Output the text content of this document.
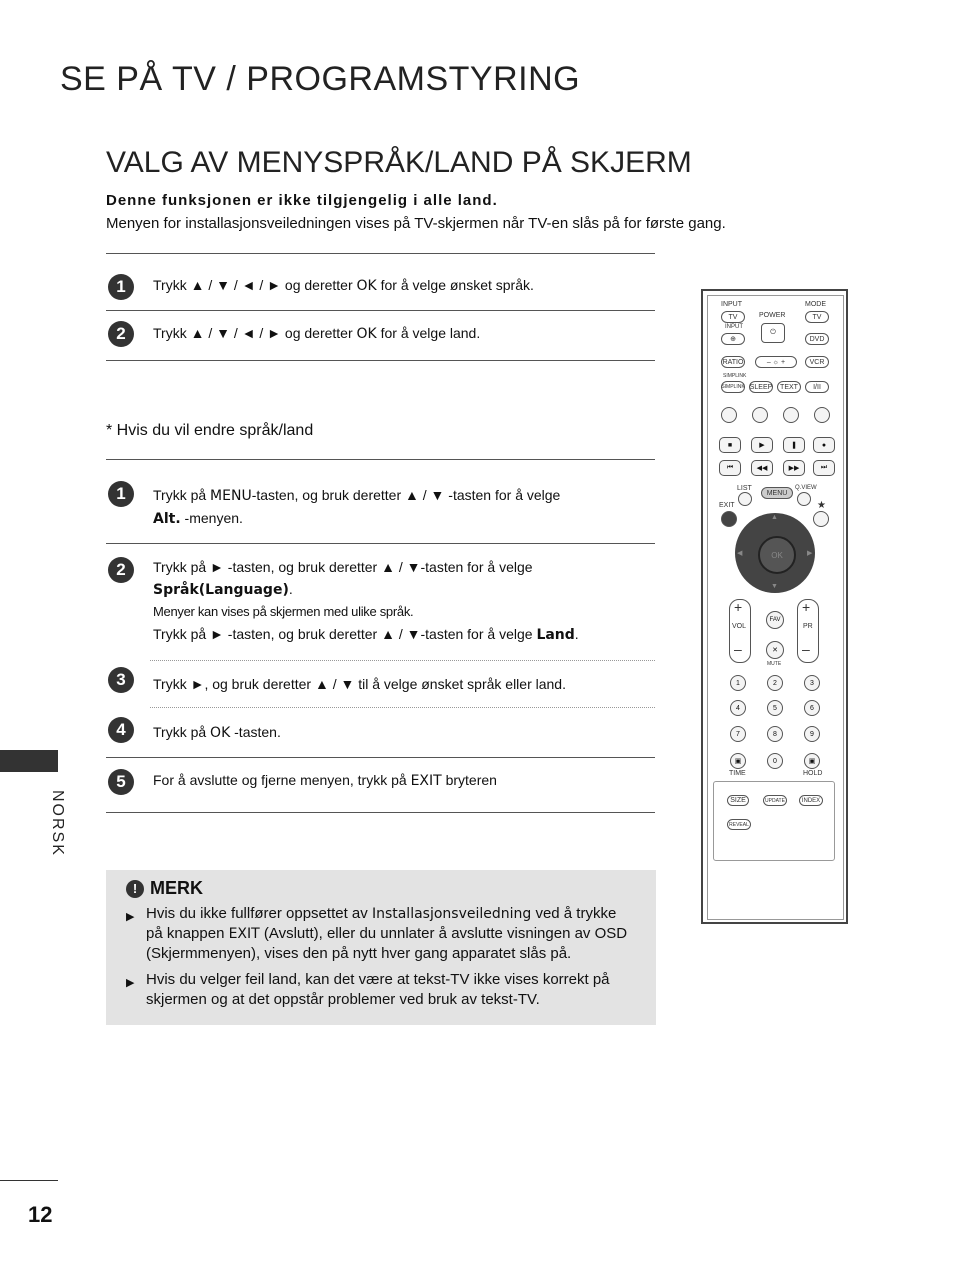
SE PÅ TV / PROGRAMSTYRING
VALG AV MENYSPRÅK/LAND PÅ SKJERM
Denne funksjonen er ikke tilgjengelig i alle land.
Menyen for installasjonsveiledningen vises på TV-skjermen når TV-en slås på for første gang.
1	Trykk ▲ / ▼ / ◄ / ► og deretter OK for å velge ønsket språk.
2	Trykk ▲ / ▼ / ◄ / ► og deretter OK for å velge land.
* Hvis du vil endre språk/land
1	Trykk på MENU-tasten, og bruk deretter ▲ / ▼ -tasten for å velge
Alt. -menyen.
2	Trykk på ► -tasten, og bruk deretter ▲ / ▼-tasten for å velge
Språk(Language).
Menyer kan vises på skjermen med ulike språk.
Trykk på ► -tasten, og bruk deretter ▲ / ▼-tasten for å velge Land.
3	Trykk ►, og bruk deretter ▲ / ▼ til å velge ønsket språk eller land.
4	Trykk på OK -tasten.
5	For å avslutte og fjerne menyen, trykk på EXIT bryteren
! MERK
▶ Hvis du ikke fullfører oppsettet av Installasjonsveiledning ved å trykke på knappen EXIT (Avslutt), eller du unnlater å avslutte visningen av OSD (Skjermmenyen), vises den på nytt hver gang apparatet slås på.
▶ Hvis du velger feil land, kan det være at tekst-TV ikke vises korrekt på skjermen og at det oppstår problemer ved bruk av tekst-TV.
NORSK
12
INPUT	MODE
TV	POWER	TV
INPUT
⊕
⏻
DVD
RATIO	– ☼ +	VCR
SIMPLINK
SIMPLINK SLEEP	TEXT	I/II
■	▶	❚	●
⏮	◀◀	▶▶	⏭
LIST	Q.VIEW
MENU
EXIT	★
OK
▲
▼
◀	▶
+
VOL
–
+
PR
–
FAV
✕
MUTE
1	2	3
4	5	6
7	8	9
▣	0	▣
TIME	HOLD
SIZE	UPDATE	INDEX
REVEAL
